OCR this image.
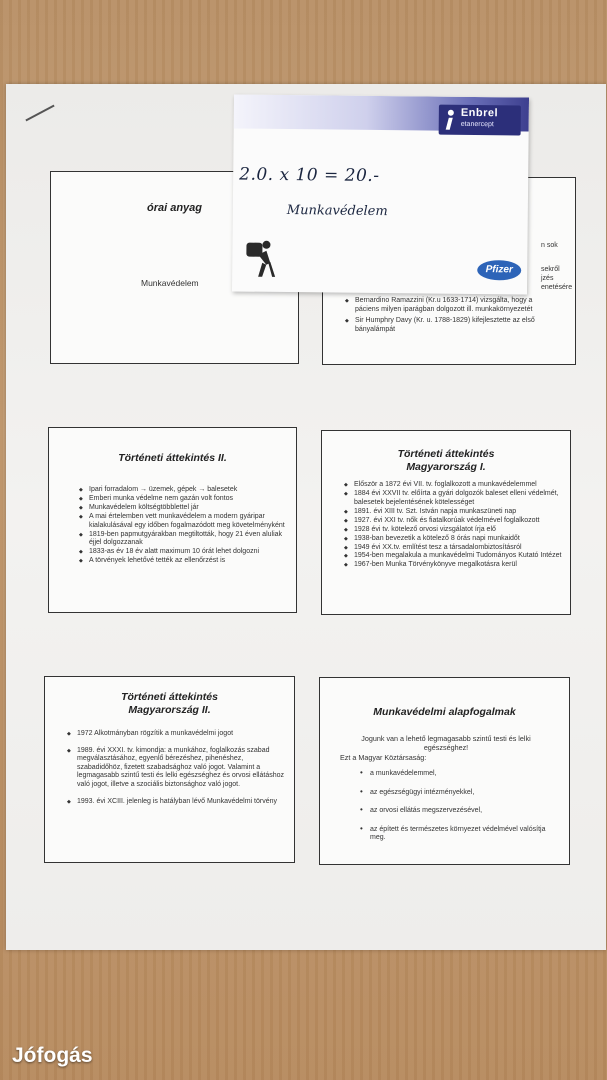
órai anyag
Munkavédelem
n sok
sekről
jzés
enetésére
◆ Bernardino Ramazzini (Kr.u 1633-1714) vizsgálta, hogy a páciens milyen iparágban dolgozott ill. munkakörnyezetét
◆ Sir Humphry Davy (Kr. u. 1788-1829) kifejlesztette az első bányalámpát
Történeti áttekintés II.
◆ Ipari forradalom → üzemek, gépek → balesetek
◆ Emberi munka védelme nem gazán volt fontos
◆ Munkavédelem költségtöbblettel jár
◆ A mai értelemben vett munkavédelem a modern gyáripar kialakulásával egy időben fogalmazódott meg követelményként
◆ 1819-ben papmutgyárakban megtiltották, hogy 21 éven aluliak éjjel dolgozzanak
◆ 1833-as év 18 év alatt maximum 10 órát lehet dolgozni
◆ A törvények lehetővé tették az ellenőrzést is
Történeti áttekintés
Magyarország I.
◆ Először a 1872 évi VII. tv. foglalkozott a munkavédelemmel
◆ 1884 évi XXVII tv. előírta a gyári dolgozók baleset elleni védelmét, balesetek bejelentésének kötelességet
◆ 1891. évi XIII tv. Szt. István napja munkaszüneti nap
◆ 1927. évi XXI tv. nők és fiatalkorúak védelmével foglalkozott
◆ 1928 évi tv. kötelező orvosi vizsgálatot írja elő
◆ 1938-ban bevezetik a kötelező 8 órás napi munkaidőt
◆ 1949 évi XX.tv. említést tesz a társadalombiztosításról
◆ 1954-ben megalakula a munkavédelmi Tudományos Kutató Intézet
◆ 1967-ben Munka Törvénykönyve megalkotásra kerül
Történeti áttekintés
Magyarország II.
◆ 1972 Alkotmányban rögzítik a munkavédelmi jogot
◆ 1989. évi XXXI. tv. kimondja: a munkához, foglalkozás szabad megválasztásához, egyenlő bérezéshez, pihenéshez, szabadidőhöz, fizetett szabadsághoz való jogot. Valamint a legmagasabb szintű testi és lelki egészséghez és orvosi ellátáshoz való jogot, illetve a szociális biztonsághoz való jogot.
◆ 1993. évi XCIII. jelenleg is hatályban lévő Munkavédelmi törvény
Munkavédelmi alapfogalmak
Jogunk van a lehető legmagasabb szintű testi és lelki
egészséghez!
Ezt a Magyar Köztársaság:
• a munkavédelemmel,
• az egészségügyi intézményekkel,
• az orvosi ellátás megszervezésével,
• az épített és természetes környezet védelmével valósítja meg.
Enbrel
etanercept
2.0. x 10 = 20.-
Munkavédelem
Pfizer
Jófogás
